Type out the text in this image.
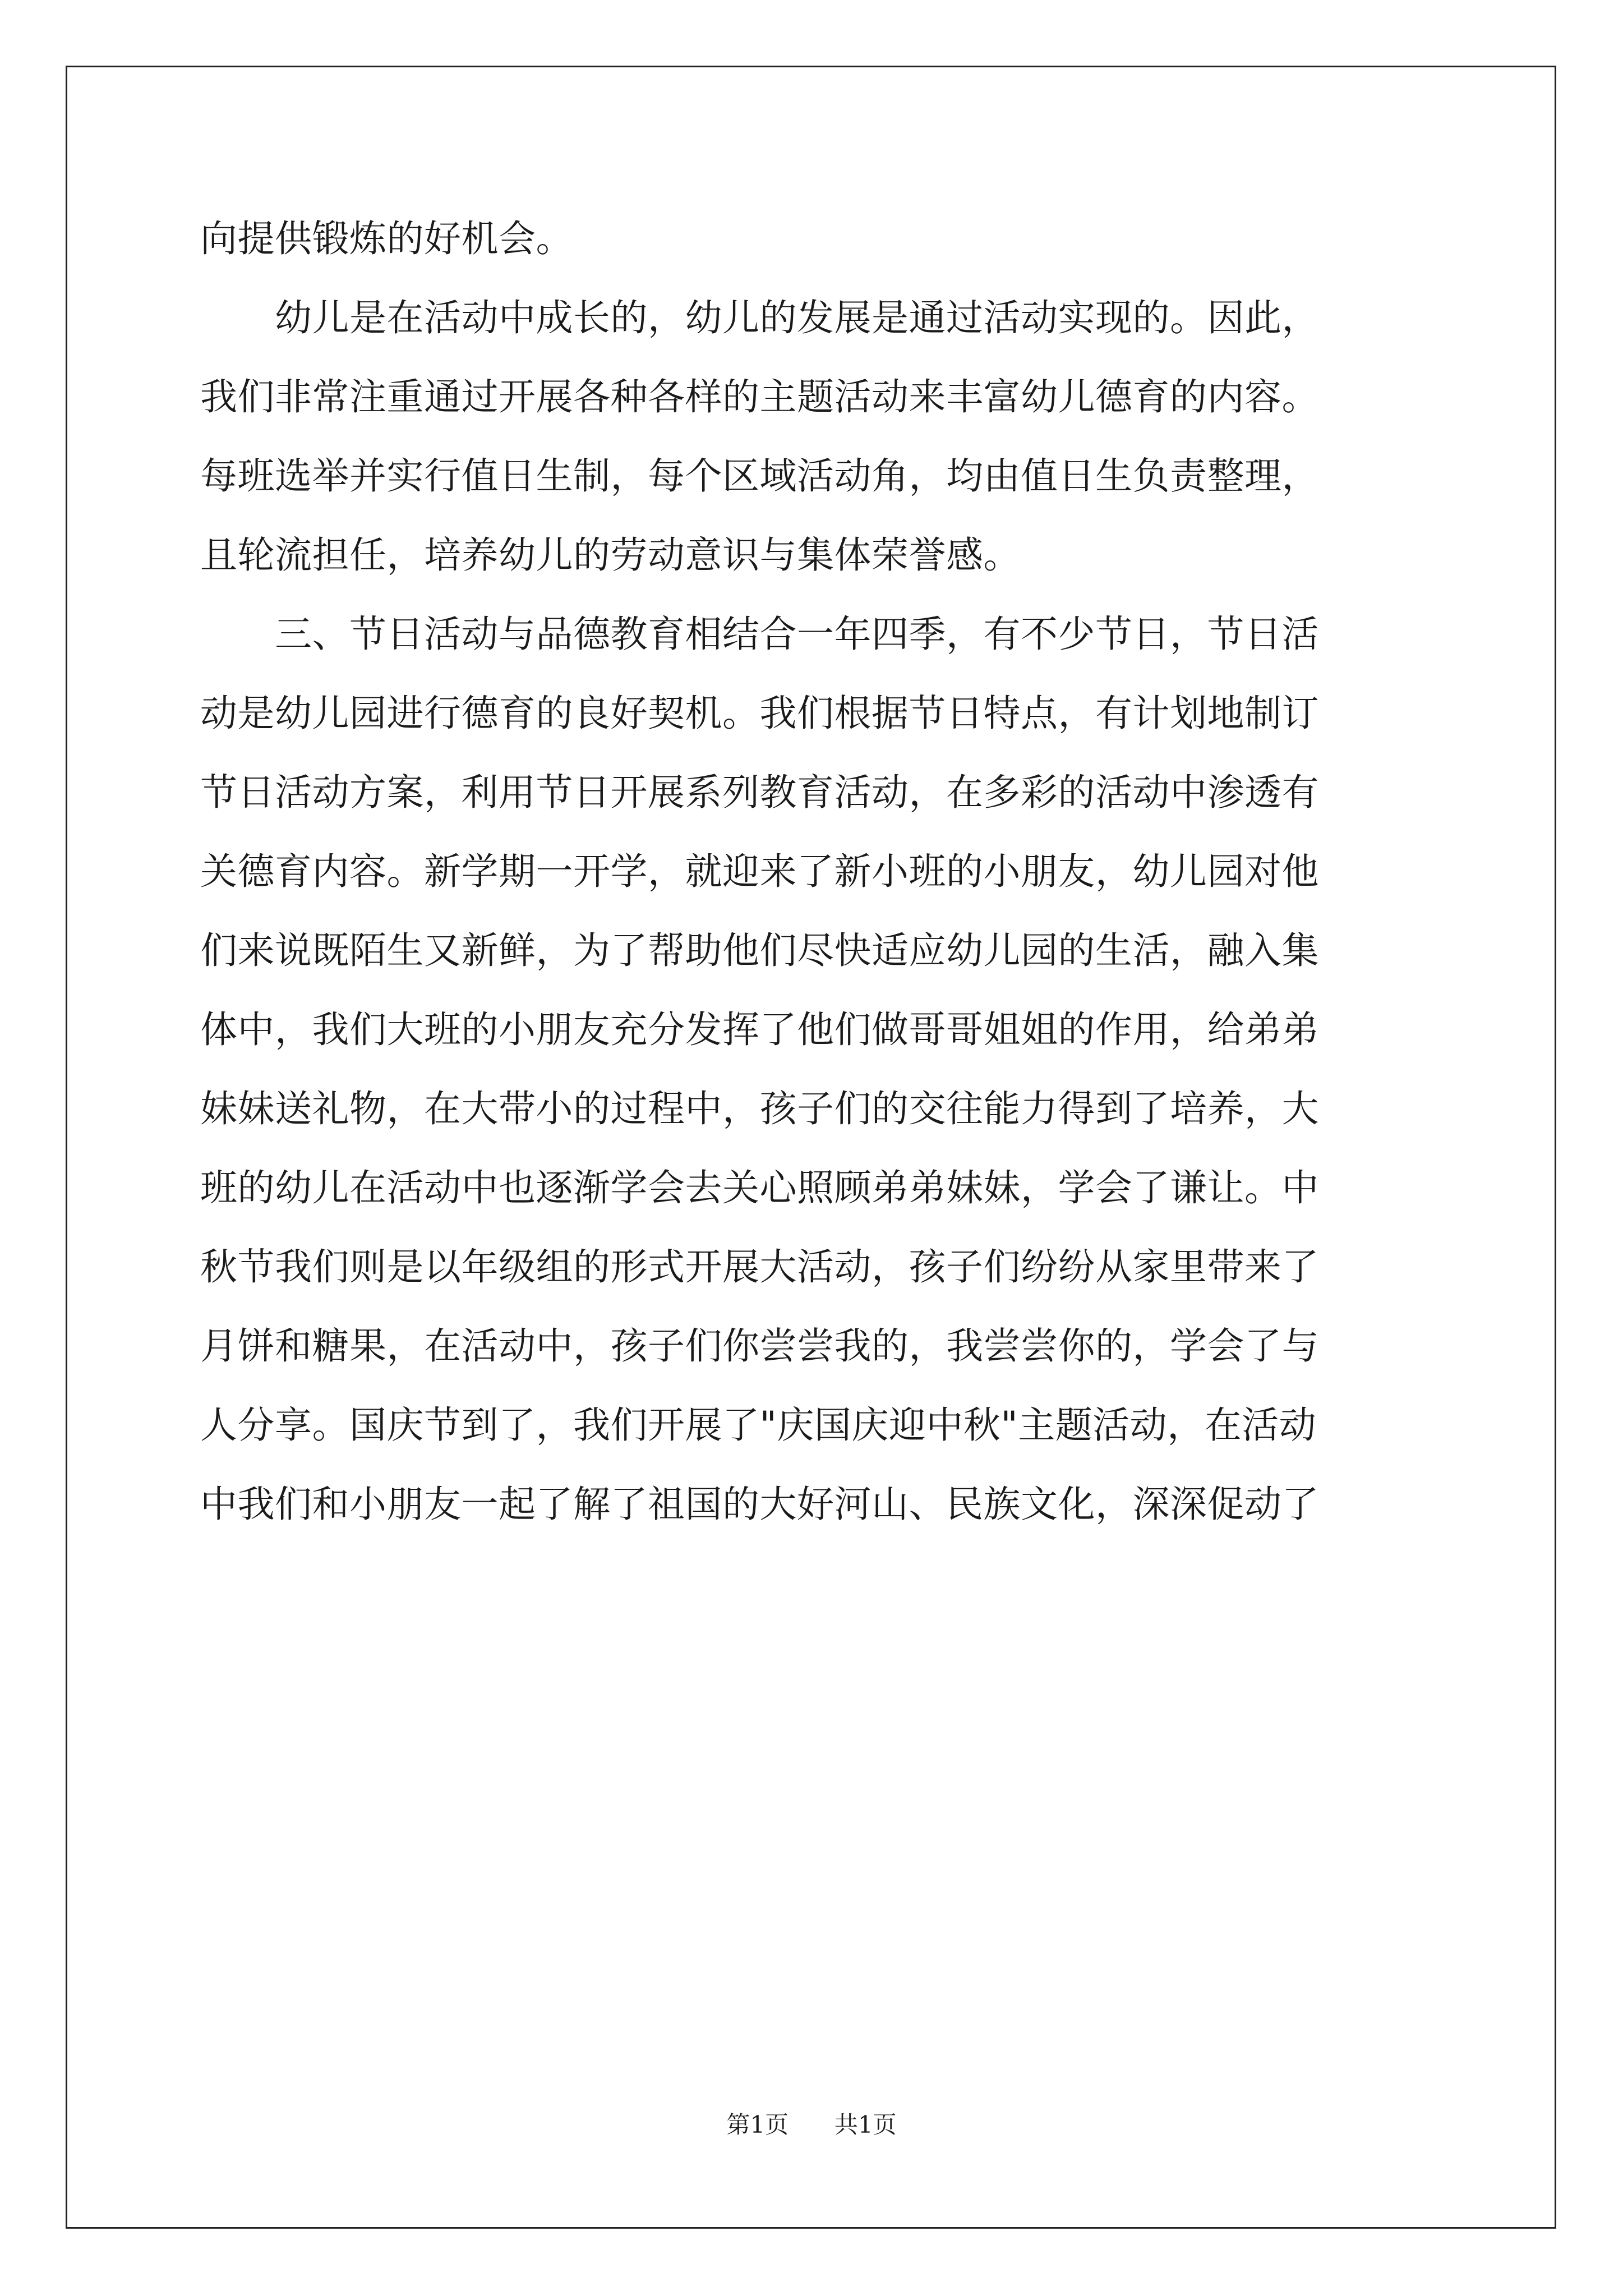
向提供锻炼的好机会。
　　幼儿是在活动中成长的，幼儿的发展是通过活动实现的。因此，
我们非常注重通过开展各种各样的主题活动来丰富幼儿德育的内容。
每班选举并实行值日生制，每个区域活动角，均由值日生负责整理，
且轮流担任，培养幼儿的劳动意识与集体荣誉感。
　　三、节日活动与品德教育相结合一年四季，有不少节日，节日活
动是幼儿园进行德育的良好契机。我们根据节日特点，有计划地制订
节日活动方案，利用节日开展系列教育活动，在多彩的活动中渗透有
关德育内容。新学期一开学，就迎来了新小班的小朋友，幼儿园对他
们来说既陌生又新鲜，为了帮助他们尽快适应幼儿园的生活，融入集
体中，我们大班的小朋友充分发挥了他们做哥哥姐姐的作用，给弟弟
妹妹送礼物，在大带小的过程中，孩子们的交往能力得到了培养，大
班的幼儿在活动中也逐渐学会去关心照顾弟弟妹妹，学会了谦让。中
秋节我们则是以年级组的形式开展大活动，孩子们纷纷从家里带来了
月饼和糖果，在活动中，孩子们你尝尝我的，我尝尝你的，学会了与
人分享。国庆节到了，我们开展了"庆国庆迎中秋"主题活动，在活动
中我们和小朋友一起了解了祖国的大好河山、民族文化，深深促动了
第1页 共1页
